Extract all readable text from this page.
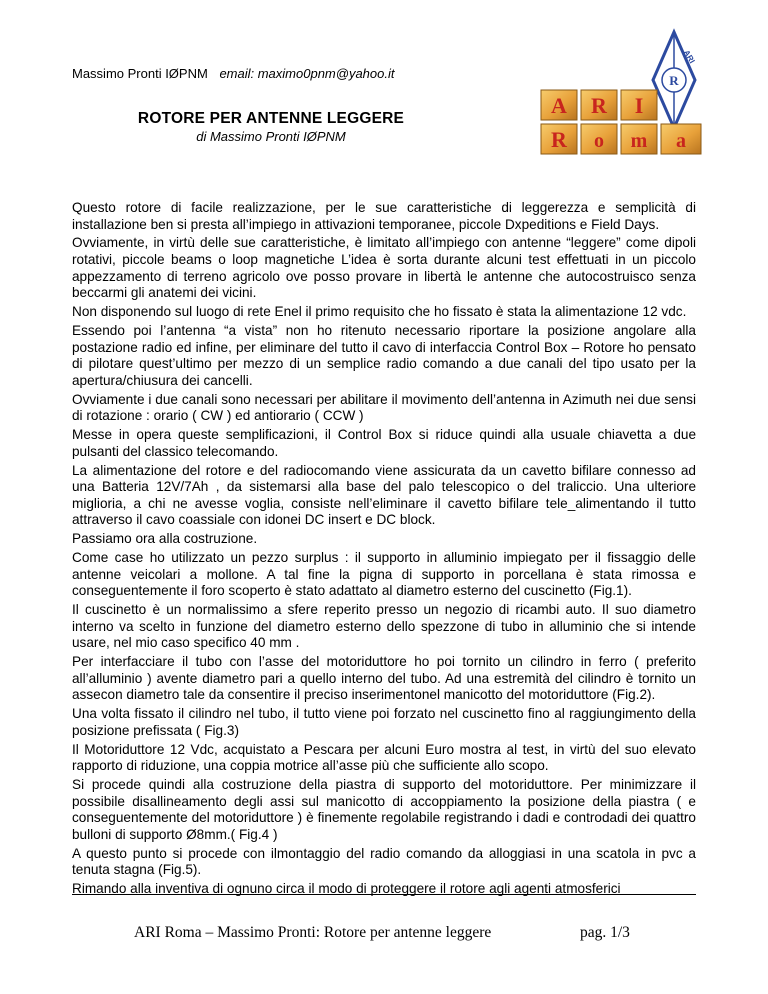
Massimo Pronti IØPNM email: maximo0pnm@yahoo.it
ROTORE PER ANTENNE LEGGERE
di Massimo Pronti IØPNM
R
ARI
A R I
R o m a

Questo rotore di facile realizzazione, per le sue caratteristiche di leggerezza e semplicità di installazione ben si presta all’impiego in attivazioni temporanee, piccole Dxpeditions e Field Days.

Ovviamente, in virtù delle sue caratteristiche, è limitato all’impiego con antenne “leggere” come dipoli rotativi, piccole beams o loop magnetiche L’idea è sorta durante alcuni test effettuati in un piccolo appezzamento di terreno agricolo ove posso provare in libertà le antenne che autocostruisco senza beccarmi gli anatemi dei vicini.

Non disponendo sul luogo di rete Enel il primo requisito che ho fissato è stata la alimentazione 12 vdc.

Essendo poi l’antenna “a vista” non ho ritenuto necessario riportare la posizione angolare alla postazione radio ed infine, per eliminare del tutto il cavo di interfaccia Control Box – Rotore ho pensato di pilotare quest’ultimo per mezzo di un semplice radio comando a due canali del tipo usato per la apertura/chiusura dei cancelli.

Ovviamente i due canali sono necessari per abilitare il movimento dell’antenna in Azimuth nei due sensi di rotazione : orario ( CW ) ed antiorario ( CCW )

Messe in opera queste semplificazioni, il Control Box si riduce quindi alla usuale chiavetta a due pulsanti del classico telecomando.

La alimentazione del rotore e del radiocomando viene assicurata da un cavetto bifilare connesso ad una Batteria 12V/7Ah , da sistemarsi alla base del palo telescopico o del traliccio. Una ulteriore miglioria, a chi ne avesse voglia, consiste nell’eliminare il cavetto bifilare tele_alimentando il tutto attraverso il cavo coassiale con idonei DC insert e DC block.

Passiamo ora alla costruzione.

Come case ho utilizzato un pezzo surplus : il supporto in alluminio impiegato per il fissaggio delle antenne veicolari a mollone. A tal fine la pigna di supporto in porcellana è stata rimossa e conseguentemente il foro scoperto è stato adattato al diametro esterno del cuscinetto (Fig.1).

Il cuscinetto è un normalissimo a sfere reperito presso un negozio di ricambi auto. Il suo diametro interno va scelto in funzione del diametro esterno dello spezzone di tubo in alluminio che si intende usare, nel mio caso specifico 40 mm .

Per interfacciare il tubo con l’asse del motoriduttore ho poi tornito un cilindro in ferro ( preferito all’alluminio ) avente diametro pari a quello interno del tubo. Ad una estremità del cilindro è tornito un assecon diametro tale da consentire il preciso inserimentonel manicotto del motoriduttore (Fig.2).

Una volta fissato il cilindro nel tubo, il tutto viene poi forzato nel cuscinetto fino al raggiungimento della posizione prefissata ( Fig.3)

Il Motoriduttore 12 Vdc, acquistato a Pescara per alcuni Euro mostra al test, in virtù del suo elevato rapporto di riduzione, una coppia motrice all’asse più che sufficiente allo scopo.

Si procede quindi alla costruzione della piastra di supporto del motoriduttore. Per minimizzare il possibile disallineamento degli assi sul manicotto di accoppiamento la posizione della piastra ( e conseguentemente del motoriduttore ) è finemente regolabile registrando i dadi e controdadi dei quattro bulloni di supporto Ø8mm.( Fig.4 )

A questo punto si procede con ilmontaggio del radio comando da alloggiasi in una scatola in pvc a tenuta stagna (Fig.5).

Rimando alla inventiva di ognuno circa il modo di proteggere il rotore agli agenti atmosferici

ARI Roma – Massimo Pronti: Rotore per antenne leggere	pag. 1/3
